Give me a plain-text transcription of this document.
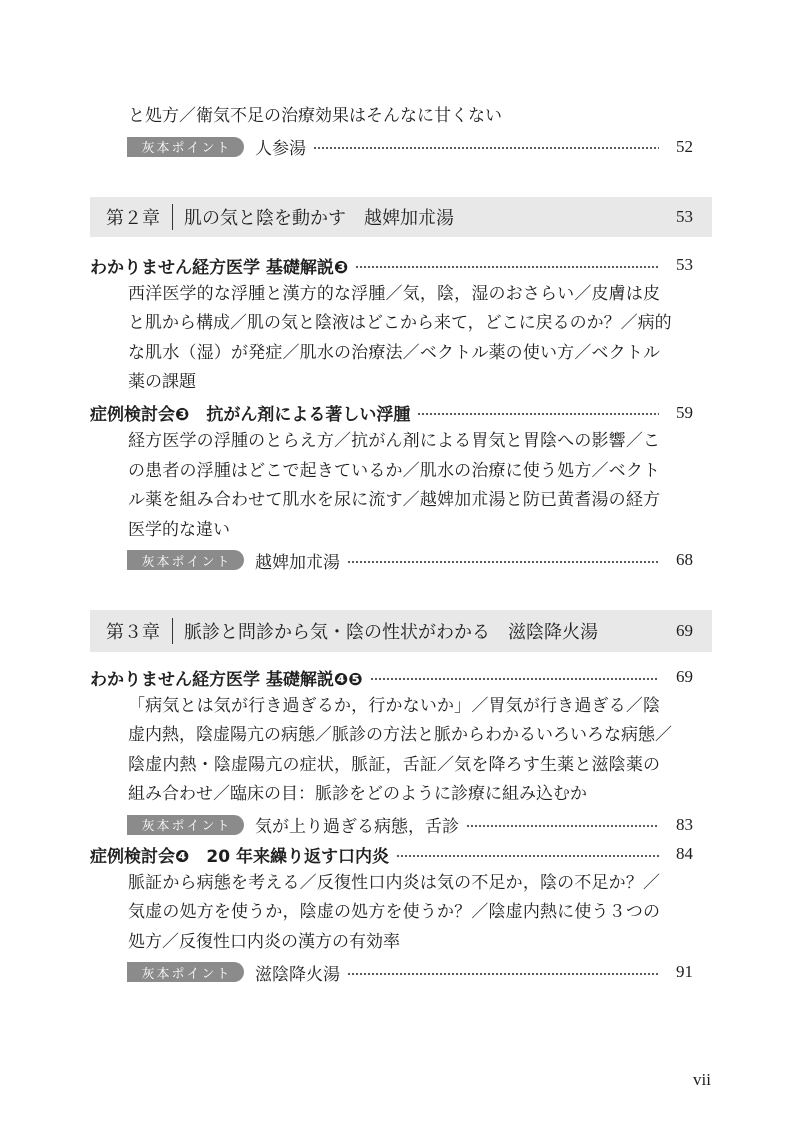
と処方／衛気不足の治療効果はそんなに甘くない
灰本ポイント	人参湯	52
第２章 肌の気と陰を動かす　越婢加朮湯	53
わかりません経方医学 基礎解説❸	53
西洋医学的な浮腫と漢方的な浮腫／気，陰，湿のおさらい／皮膚は皮
と肌から構成／肌の気と陰液はどこから来て，どこに戻るのか？／病的
な肌水（湿）が発症／肌水の治療法／ベクトル薬の使い方／ベクトル
薬の課題
症例検討会❸　抗がん剤による著しい浮腫	59
経方医学の浮腫のとらえ方／抗がん剤による胃気と胃陰への影響／こ
の患者の浮腫はどこで起きているか／肌水の治療に使う処方／ベクト
ル薬を組み合わせて肌水を尿に流す／越婢加朮湯と防已黄耆湯の経方
医学的な違い
灰本ポイント	越婢加朮湯	68
第３章 脈診と問診から気・陰の性状がわかる　滋陰降火湯	69
わかりません経方医学 基礎解説❹❺	69
「病気とは気が行き過ぎるか，行かないか」／胃気が行き過ぎる／陰
虚内熱，陰虚陽亢の病態／脈診の方法と脈からわかるいろいろな病態／
陰虚内熱・陰虚陽亢の症状，脈証，舌証／気を降ろす生薬と滋陰薬の
組み合わせ／臨床の目：脈診をどのように診療に組み込むか
灰本ポイント	気が上り過ぎる病態，舌診	83
症例検討会❹　20 年来繰り返す口内炎	84
脈証から病態を考える／反復性口内炎は気の不足か，陰の不足か？／
気虚の処方を使うか，陰虚の処方を使うか？／陰虚内熱に使う３つの
処方／反復性口内炎の漢方の有効率
灰本ポイント	滋陰降火湯	91
vii
